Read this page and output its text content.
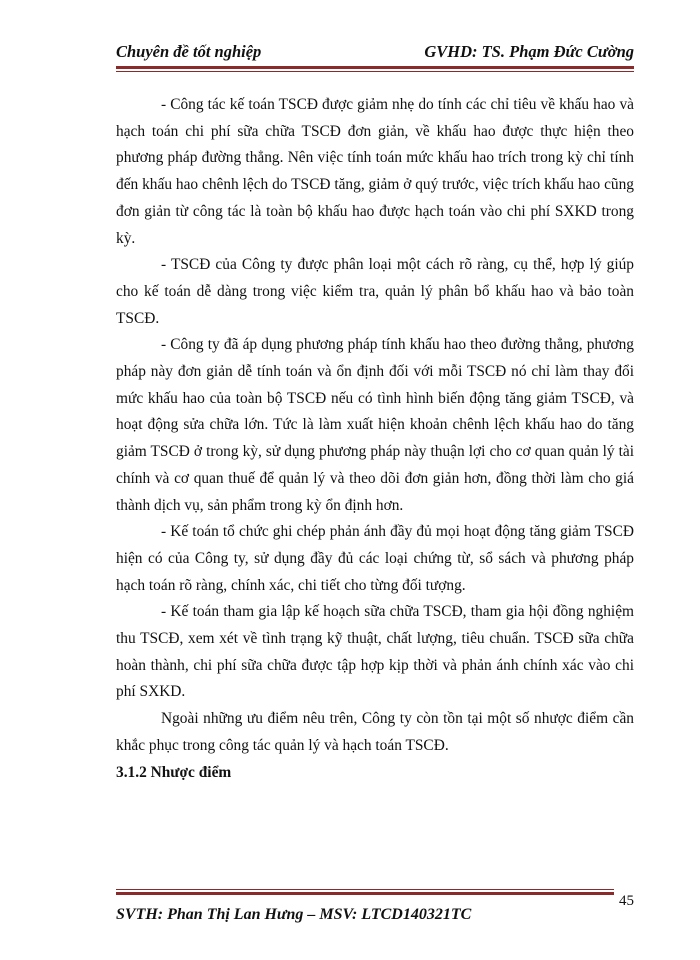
Chuyên đề tốt nghiệp	GVHD: TS. Phạm Đức Cường

- Công tác kế toán TSCĐ được giảm nhẹ do tính các chỉ tiêu về khấu hao và hạch toán chi phí sữa chữa TSCĐ đơn giản, về khấu hao được thực hiện theo phương pháp đường thẳng. Nên việc tính toán mức khấu hao trích trong kỳ chỉ tính đến khấu hao chênh lệch do TSCĐ tăng, giảm ở quý trước, việc trích khấu hao cũng đơn giản từ công tác là toàn bộ khấu hao được hạch toán vào chi phí SXKD trong kỳ.

- TSCĐ của Công ty được phân loại một cách rõ ràng, cụ thể, hợp lý giúp cho kế toán dễ dàng trong việc kiểm tra, quản lý phân bổ khấu hao và bảo toàn TSCĐ.

- Công ty đã áp dụng phương pháp tính khấu hao theo đường thẳng, phương pháp này đơn giản dễ tính toán và ổn định đối với mỗi TSCĐ nó chỉ làm thay đổi mức khấu hao của toàn bộ TSCĐ nếu có tình hình biến động tăng giảm TSCĐ, và hoạt động sửa chữa lớn. Tức là làm xuất hiện khoản chênh lệch khấu hao do tăng giảm TSCĐ ở trong kỳ, sử dụng phương pháp này thuận lợi cho cơ quan quản lý tài chính và cơ quan thuế để quản lý và theo dõi đơn giản hơn, đồng thời làm cho giá thành dịch vụ, sản phẩm trong kỳ ổn định hơn.

- Kế toán tổ chức ghi chép phản ánh đầy đủ mọi hoạt động tăng giảm TSCĐ hiện có của Công ty, sử dụng đầy đủ các loại chứng từ, sổ sách và phương pháp hạch toán rõ ràng, chính xác, chi tiết cho từng đối tượng.

- Kế toán tham gia lập kế hoạch sữa chữa TSCĐ, tham gia hội đồng nghiệm thu TSCĐ, xem xét về tình trạng kỹ thuật, chất lượng, tiêu chuẩn. TSCĐ sữa chữa hoàn thành, chi phí sữa chữa được tập hợp kịp thời và phản ánh chính xác vào chi phí SXKD.

Ngoài những ưu điểm nêu trên, Công ty còn tồn tại một số nhược điểm cần khắc phục trong công tác quản lý và hạch toán TSCĐ.

3.1.2 Nhược điểm
45
SVTH: Phan Thị Lan Hưng – MSV: LTCD140321TC
